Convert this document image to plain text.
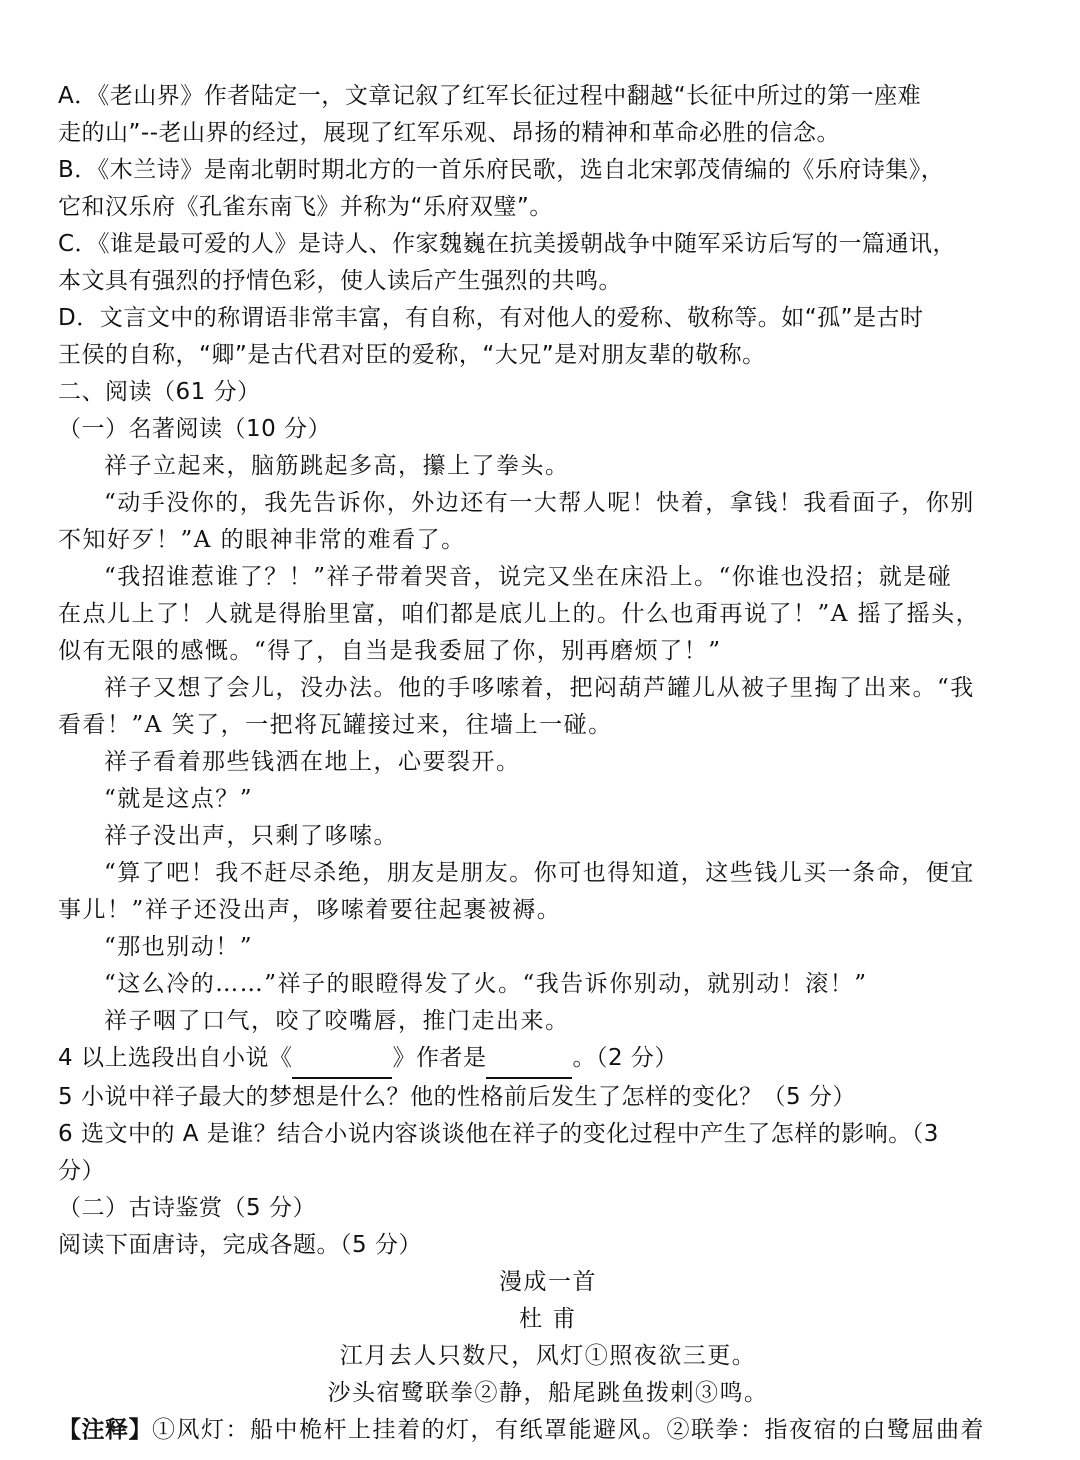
A．《老山界》作者陆定一，文章记叙了红军长征过程中翻越“长征中所过的第一座难
走的山”--老山界的经过，展现了红军乐观、昂扬的精神和革命必胜的信念。
B．《木兰诗》是南北朝时期北方的一首乐府民歌，选自北宋郭茂倩编的《乐府诗集》，
它和汉乐府《孔雀东南飞》并称为“乐府双璧”。
C．《谁是最可爱的人》是诗人、作家魏巍在抗美援朝战争中随军采访后写的一篇通讯，
本文具有强烈的抒情色彩，使人读后产生强烈的共鸣。
D．文言文中的称谓语非常丰富，有自称，有对他人的爱称、敬称等。如“孤”是古时
王侯的自称，“卿”是古代君对臣的爱称，“大兄”是对朋友辈的敬称。
二、阅读（61 分）
（一）名著阅读（10 分）
祥子立起来，脑筋跳起多高，攥上了拳头。
“动手没你的，我先告诉你，外边还有一大帮人呢！快着，拿钱！我看面子，你别
不知好歹！”A 的眼神非常的难看了。
“我招谁惹谁了？！”祥子带着哭音，说完又坐在床沿上。“你谁也没招；就是碰
在点儿上了！人就是得胎里富，咱们都是底儿上的。什么也甭再说了！”A 摇了摇头，
似有无限的感慨。“得了，自当是我委屈了你，别再磨烦了！”
祥子又想了会儿，没办法。他的手哆嗦着，把闷葫芦罐儿从被子里掏了出来。“我
看看！”A 笑了，一把将瓦罐接过来，往墙上一碰。
祥子看着那些钱洒在地上，心要裂开。
“就是这点？”
祥子没出声，只剩了哆嗦。
“算了吧！我不赶尽杀绝，朋友是朋友。你可也得知道，这些钱儿买一条命，便宜
事儿！”祥子还没出声，哆嗦着要往起裹被褥。
“那也别动！”
“这么冷的……”祥子的眼瞪得发了火。“我告诉你别动，就别动！滚！”
祥子咽了口气，咬了咬嘴唇，推门走出来。
4 以上选段出自小说《	》作者是	。（2 分）
5 小说中祥子最大的梦想是什么？他的性格前后发生了怎样的变化？（5 分）
6 选文中的 A 是谁？结合小说内容谈谈他在祥子的变化过程中产生了怎样的影响。（3
分）
（二）古诗鉴赏（5 分）
阅读下面唐诗，完成各题。（5 分）
漫成一首
杜 甫
江月去人只数尺，风灯①照夜欲三更。
沙头宿鹭联拳②静，船尾跳鱼拨剌③鸣。
【注释】①风灯：船中桅杆上挂着的灯，有纸罩能避风。②联拳：指夜宿的白鹭屈曲着
